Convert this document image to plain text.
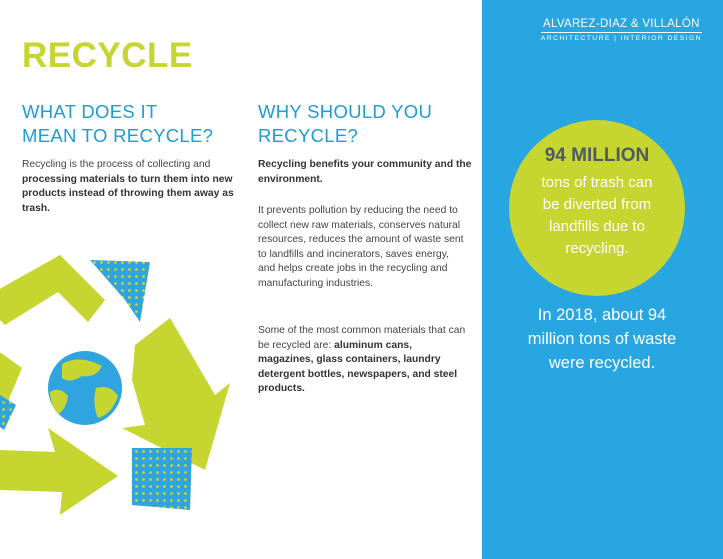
RECYCLE
WHAT DOES IT
MEAN TO RECYCLE?

Recycling is the process of collecting and processing materials to turn them into new products instead of throwing them away as trash.

WHY SHOULD YOU
RECYCLE?

Recycling benefits your community and the environment.

It prevents pollution by reducing the need to collect new raw materials, conserves natural resources, reduces the amount of waste sent to landfills and incinerators, saves energy, and helps create jobs in the recycling and manufacturing industries.

Some of the most common materials that can be recycled are: aluminum cans, magazines, glass containers, laundry detergent bottles, newspapers, and steel products.

ALVAREZ-DIAZ & VILLALÓN
ARCHITECTURE | INTERIOR DESIGN

94 MILLION

tons of trash can
be diverted from
landfills due to
recycling.

In 2018, about 94
million tons of waste
were recycled.
